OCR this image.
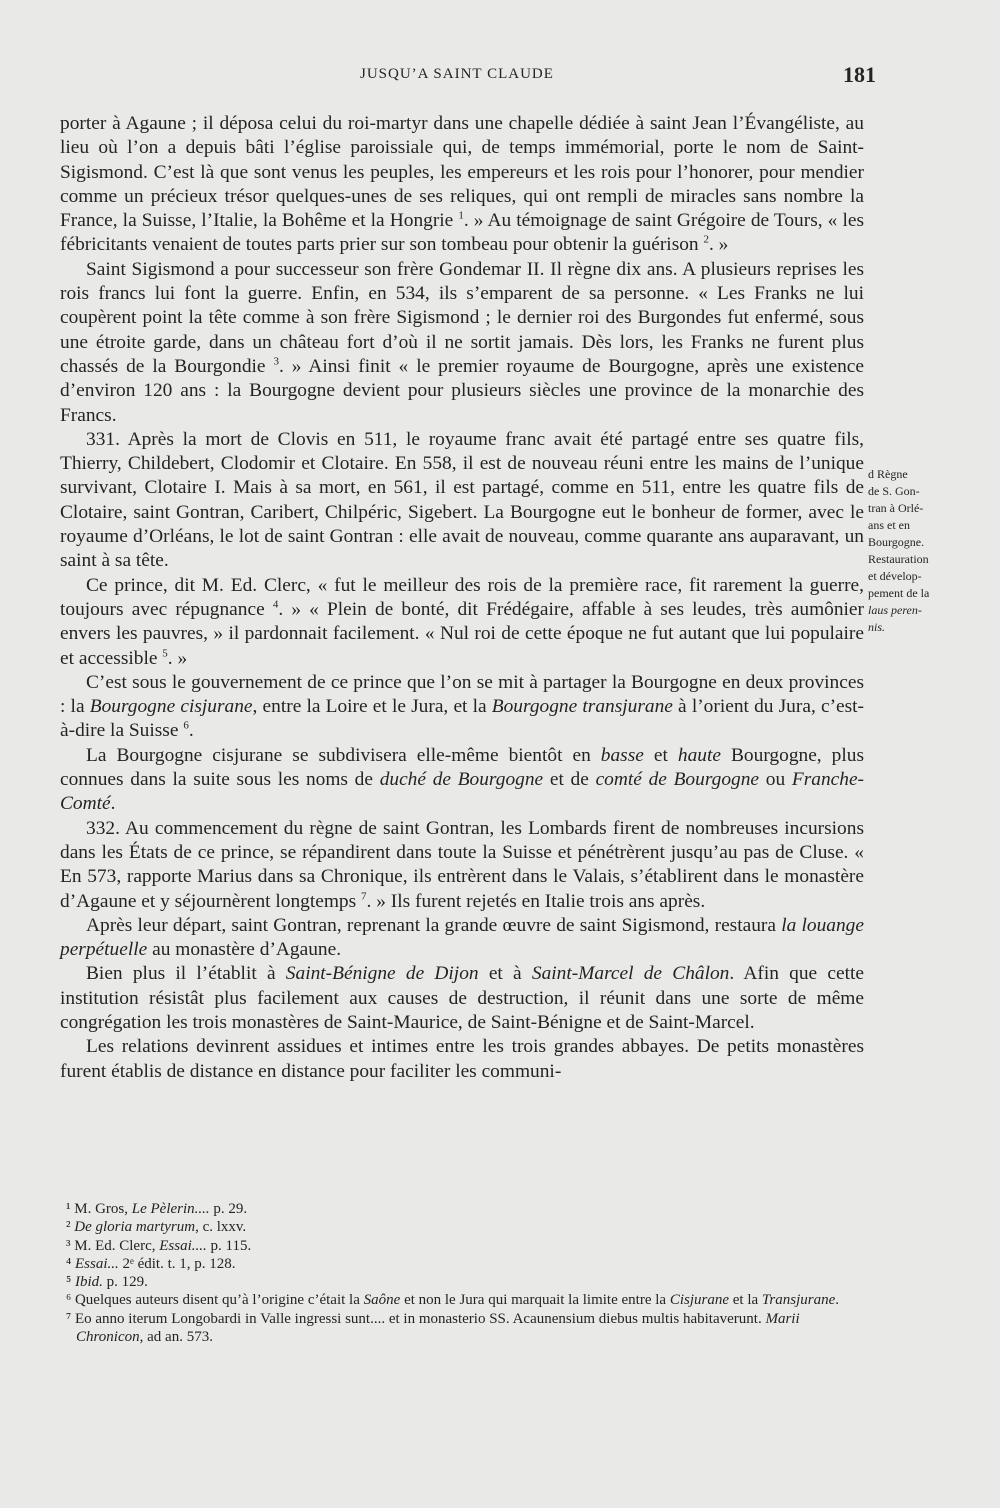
JUSQU’A SAINT CLAUDE	181

porter à Agaune ; il déposa celui du roi-martyr dans une chapelle dédiée à saint Jean l’Évangéliste, au lieu où l’on a depuis bâti l’église paroissiale qui, de temps immémorial, porte le nom de Saint-Sigismond. C’est là que sont venus les peuples, les empereurs et les rois pour l’honorer, pour mendier comme un précieux trésor quelques-unes de ses reliques, qui ont rempli de miracles sans nombre la France, la Suisse, l’Italie, la Bohême et la Hongrie $^1$. » Au témoignage de saint Grégoire de Tours, « les fébricitants venaient de toutes parts prier sur son tombeau pour obtenir la guérison $^2$. »

Saint Sigismond a pour successeur son frère Gondemar II. Il règne dix ans. A plusieurs reprises les rois francs lui font la guerre. Enfin, en 534, ils s’emparent de sa personne. « Les Franks ne lui coupèrent point la tête comme à son frère Sigismond ; le dernier roi des Burgondes fut enfermé, sous une étroite garde, dans un château fort d’où il ne sortit jamais. Dès lors, les Franks ne furent plus chassés de la Bourgondie $^3$. » Ainsi finit « le premier royaume de Bourgogne, après une existence d’environ 120 ans : la Bourgogne devient pour plusieurs siècles une province de la monarchie des Francs.

331. Après la mort de Clovis en 511, le royaume franc avait été partagé entre ses quatre fils, Thierry, Childebert, Clodomir et Clotaire. En 558, il est de nouveau réuni entre les mains de l’unique survivant, Clotaire I. Mais à sa mort, en 561, il est partagé, comme en 511, entre les quatre fils de Clotaire, saint Gontran, Caribert, Chilpéric, Sigebert. La Bourgogne eut le bonheur de former, avec le royaume d’Orléans, le lot de saint Gontran : elle avait de nouveau, comme quarante ans auparavant, un saint à sa tête.

Ce prince, dit M. Ed. Clerc, « fut le meilleur des rois de la première race, fit rarement la guerre, toujours avec répugnance $^4$. » « Plein de bonté, dit Frédégaire, affable à ses leudes, très aumônier envers les pauvres, » il pardonnait facilement. « Nul roi de cette époque ne fut autant que lui populaire et accessible $^5$. »

C’est sous le gouvernement de ce prince que l’on se mit à partager la Bourgogne en deux provinces : la Bourgogne cisjurane, entre la Loire et le Jura, et la Bourgogne transjurane à l’orient du Jura, c’est-à-dire la Suisse $^6$.

La Bourgogne cisjurane se subdivisera elle-même bientôt en basse et haute Bourgogne, plus connues dans la suite sous les noms de duché de Bourgogne et de comté de Bourgogne ou Franche-Comté.

332. Au commencement du règne de saint Gontran, les Lombards firent de nombreuses incursions dans les États de ce prince, se répandirent dans toute la Suisse et pénétrèrent jusqu’au pas de Cluse. « En 573, rapporte Marius dans sa Chronique, ils entrèrent dans le Valais, s’établirent dans le monastère d’Agaune et y séjournèrent longtemps $^7$. » Ils furent rejetés en Italie trois ans après.

Après leur départ, saint Gontran, reprenant la grande œuvre de saint Sigismond, restaura la louange perpétuelle au monastère d’Agaune.

Bien plus il l’établit à Saint-Bénigne de Dijon et à Saint-Marcel de Châlon. Afin que cette institution résistât plus facilement aux causes de destruction, il réunit dans une sorte de même congrégation les trois monastères de Saint-Maurice, de Saint-Bénigne et de Saint-Marcel.

Les relations devinrent assidues et intimes entre les trois grandes abbayes. De petits monastères furent établis de distance en distance pour faciliter les communi-

d Règne
de S. Gon-
tran à Orlé-
ans et en
Bourgogne.
Restauration
et dévelop-
pement de la
laus peren-
nis.

¹ M. Gros, Le Pèlerin.... p. 29.

² De gloria martyrum, c. lxxv.

³ M. Ed. Clerc, Essai.... p. 115.

⁴ Essai... 2ᵉ édit. t. 1, p. 128.

⁵ Ibid. p. 129.

⁶ Quelques auteurs disent qu’à l’origine c’était la Saône et non le Jura qui marquait la limite entre la Cisjurane et la Transjurane.

⁷ Eo anno iterum Longobardi in Valle ingressi sunt.... et in monasterio SS. Acaunensium diebus multis habitaverunt. Marii Chronicon, ad an. 573.
